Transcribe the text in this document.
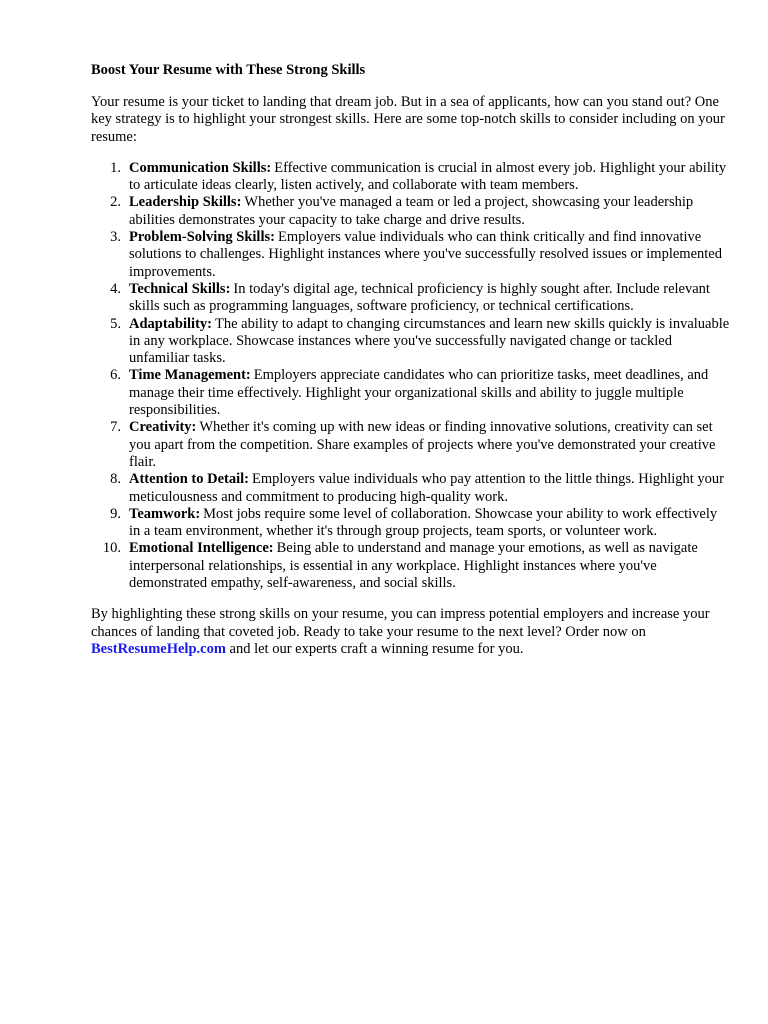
Boost Your Resume with These Strong Skills

Your resume is your ticket to landing that dream job. But in a sea of applicants, how can you stand out? One key strategy is to highlight your strongest skills. Here are some top-notch skills to consider including on your resume:

1. Communication Skills: Effective communication is crucial in almost every job. Highlight your ability to articulate ideas clearly, listen actively, and collaborate with team members.
2. Leadership Skills: Whether you've managed a team or led a project, showcasing your leadership abilities demonstrates your capacity to take charge and drive results.
3. Problem-Solving Skills: Employers value individuals who can think critically and find innovative solutions to challenges. Highlight instances where you've successfully resolved issues or implemented improvements.
4. Technical Skills: In today's digital age, technical proficiency is highly sought after. Include relevant skills such as programming languages, software proficiency, or technical certifications.
5. Adaptability: The ability to adapt to changing circumstances and learn new skills quickly is invaluable in any workplace. Showcase instances where you've successfully navigated change or tackled unfamiliar tasks.
6. Time Management: Employers appreciate candidates who can prioritize tasks, meet deadlines, and manage their time effectively. Highlight your organizational skills and ability to juggle multiple responsibilities.
7. Creativity: Whether it's coming up with new ideas or finding innovative solutions, creativity can set you apart from the competition. Share examples of projects where you've demonstrated your creative flair.
8. Attention to Detail: Employers value individuals who pay attention to the little things. Highlight your meticulousness and commitment to producing high-quality work.
9. Teamwork: Most jobs require some level of collaboration. Showcase your ability to work effectively in a team environment, whether it's through group projects, team sports, or volunteer work.
10. Emotional Intelligence: Being able to understand and manage your emotions, as well as navigate interpersonal relationships, is essential in any workplace. Highlight instances where you've demonstrated empathy, self-awareness, and social skills.

By highlighting these strong skills on your resume, you can impress potential employers and increase your chances of landing that coveted job. Ready to take your resume to the next level? Order now on BestResumeHelp.com and let our experts craft a winning resume for you.
